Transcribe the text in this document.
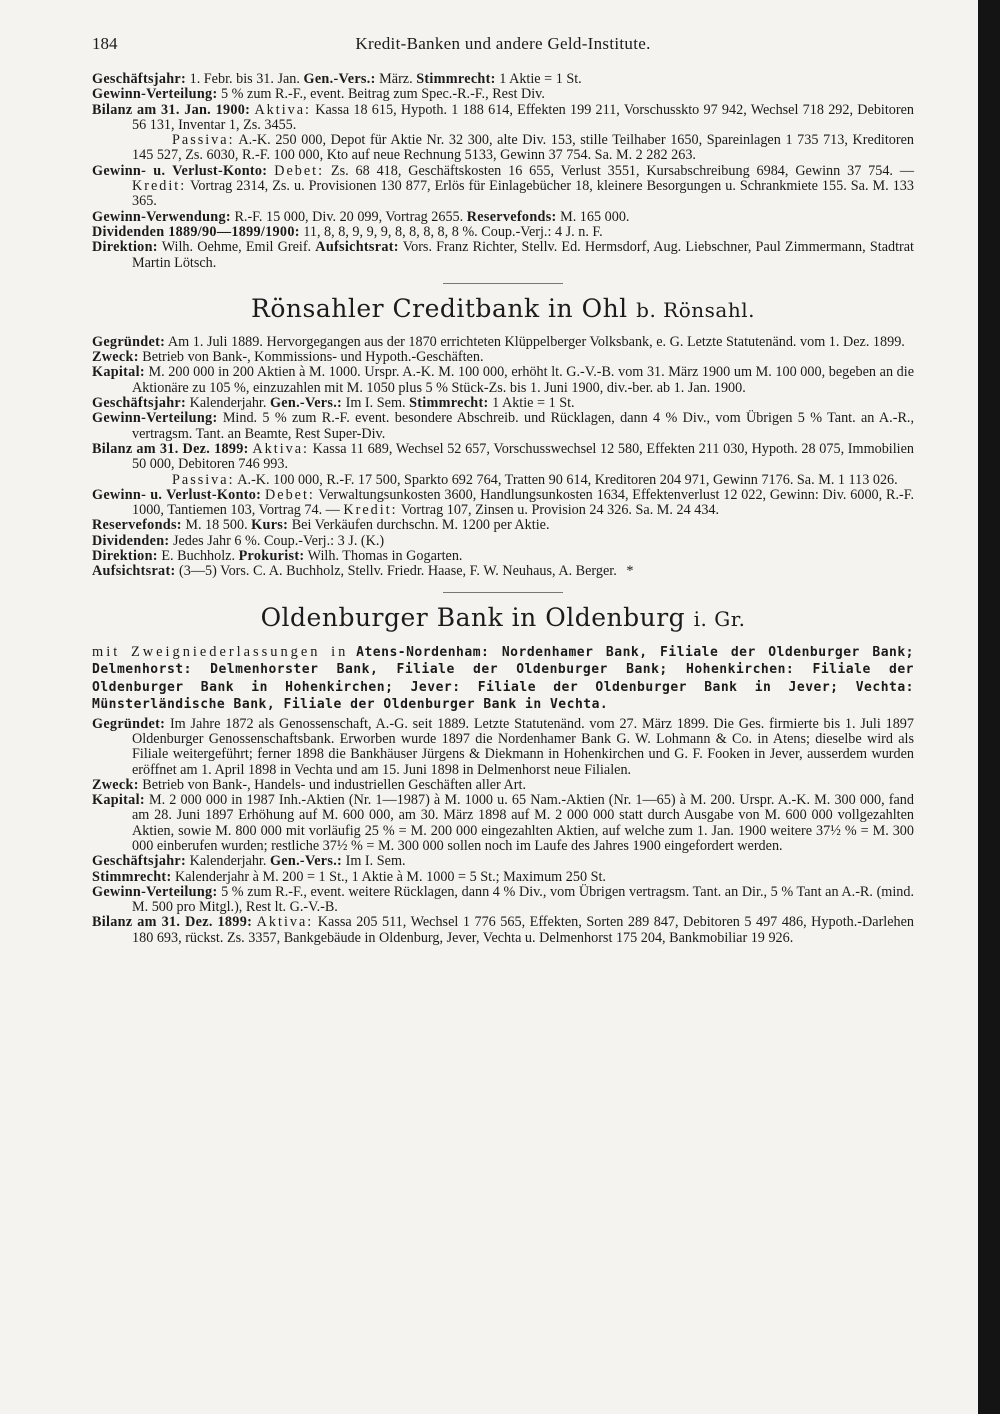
184	Kredit-Banken und andere Geld-Institute.

Geschäftsjahr: 1. Febr. bis 31. Jan. Gen.-Vers.: März. Stimmrecht: 1 Aktie = 1 St.

Gewinn-Verteilung: 5 % zum R.-F., event. Beitrag zum Spec.-R.-F., Rest Div.

Bilanz am 31. Jan. 1900: Aktiva: Kassa 18 615, Hypoth. 1 188 614, Effekten 199 211, Vorschusskto 97 942, Wechsel 718 292, Debitoren 56 131, Inventar 1, Zs. 3455.

Passiva: A.-K. 250 000, Depot für Aktie Nr. 32 300, alte Div. 153, stille Teilhaber 1650, Spareinlagen 1 735 713, Kreditoren 145 527, Zs. 6030, R.-F. 100 000, Kto auf neue Rechnung 5133, Gewinn 37 754. Sa. M. 2 282 263.

Gewinn- u. Verlust-Konto: Debet: Zs. 68 418, Geschäftskosten 16 655, Verlust 3551, Kursabschreibung 6984, Gewinn 37 754. — Kredit: Vortrag 2314, Zs. u. Provisionen 130 877, Erlös für Einlagebücher 18, kleinere Besorgungen u. Schrankmiete 155. Sa. M. 133 365.

Gewinn-Verwendung: R.-F. 15 000, Div. 20 099, Vortrag 2655. Reservefonds: M. 165 000.

Dividenden 1889/90—1899/1900: 11, 8, 8, 9, 9, 9, 8, 8, 8, 8, 8 %. Coup.-Verj.: 4 J. n. F.

Direktion: Wilh. Oehme, Emil Greif. Aufsichtsrat: Vors. Franz Richter, Stellv. Ed. Hermsdorf, Aug. Liebschner, Paul Zimmermann, Stadtrat Martin Lötsch.

Rönsahler Creditbank in Ohl b. Rönsahl.

Gegründet: Am 1. Juli 1889. Hervorgegangen aus der 1870 errichteten Klüppelberger Volksbank, e. G. Letzte Statutenänd. vom 1. Dez. 1899.

Zweck: Betrieb von Bank-, Kommissions- und Hypoth.-Geschäften.

Kapital: M. 200 000 in 200 Aktien à M. 1000. Urspr. A.-K. M. 100 000, erhöht lt. G.-V.-B. vom 31. März 1900 um M. 100 000, begeben an die Aktionäre zu 105 %, einzuzahlen mit M. 1050 plus 5 % Stück-Zs. bis 1. Juni 1900, div.-ber. ab 1. Jan. 1900.

Geschäftsjahr: Kalenderjahr. Gen.-Vers.: Im I. Sem. Stimmrecht: 1 Aktie = 1 St.

Gewinn-Verteilung: Mind. 5 % zum R.-F. event. besondere Abschreib. und Rücklagen, dann 4 % Div., vom Übrigen 5 % Tant. an A.-R., vertragsm. Tant. an Beamte, Rest Super-Div.

Bilanz am 31. Dez. 1899: Aktiva: Kassa 11 689, Wechsel 52 657, Vorschusswechsel 12 580, Effekten 211 030, Hypoth. 28 075, Immobilien 50 000, Debitoren 746 993.

Passiva: A.-K. 100 000, R.-F. 17 500, Sparkto 692 764, Tratten 90 614, Kreditoren 204 971, Gewinn 7176. Sa. M. 1 113 026.

Gewinn- u. Verlust-Konto: Debet: Verwaltungsunkosten 3600, Handlungsunkosten 1634, Effektenverlust 12 022, Gewinn: Div. 6000, R.-F. 1000, Tantiemen 103, Vortrag 74. — Kredit: Vortrag 107, Zinsen u. Provision 24 326. Sa. M. 24 434.

Reservefonds: M. 18 500. Kurs: Bei Verkäufen durchschn. M. 1200 per Aktie.

Dividenden: Jedes Jahr 6 %. Coup.-Verj.: 3 J. (K.)

Direktion: E. Buchholz. Prokurist: Wilh. Thomas in Gogarten.

Aufsichtsrat: (3—5) Vors. C. A. Buchholz, Stellv. Friedr. Haase, F. W. Neuhaus, A. Berger. *

Oldenburger Bank in Oldenburg i. Gr.

mit Zweigniederlassungen in Atens-Nordenham: Nordenhamer Bank, Filiale der Oldenburger Bank; Delmenhorst: Delmenhorster Bank, Filiale der Oldenburger Bank; Hohenkirchen: Filiale der Oldenburger Bank in Hohenkirchen; Jever: Filiale der Oldenburger Bank in Jever; Vechta: Münsterländische Bank, Filiale der Oldenburger Bank in Vechta.

Gegründet: Im Jahre 1872 als Genossenschaft, A.-G. seit 1889. Letzte Statutenänd. vom 27. März 1899. Die Ges. firmierte bis 1. Juli 1897 Oldenburger Genossenschaftsbank. Erworben wurde 1897 die Nordenhamer Bank G. W. Lohmann & Co. in Atens; dieselbe wird als Filiale weitergeführt; ferner 1898 die Bankhäuser Jürgens & Diekmann in Hohenkirchen und G. F. Fooken in Jever, ausserdem wurden eröffnet am 1. April 1898 in Vechta und am 15. Juni 1898 in Delmenhorst neue Filialen.

Zweck: Betrieb von Bank-, Handels- und industriellen Geschäften aller Art.

Kapital: M. 2 000 000 in 1987 Inh.-Aktien (Nr. 1—1987) à M. 1000 u. 65 Nam.-Aktien (Nr. 1—65) à M. 200. Urspr. A.-K. M. 300 000, fand am 28. Juni 1897 Erhöhung auf M. 600 000, am 30. März 1898 auf M. 2 000 000 statt durch Ausgabe von M. 600 000 vollgezahlten Aktien, sowie M. 800 000 mit vorläufig 25 % = M. 200 000 eingezahlten Aktien, auf welche zum 1. Jan. 1900 weitere 37½ % = M. 300 000 einberufen wurden; restliche 37½ % = M. 300 000 sollen noch im Laufe des Jahres 1900 eingefordert werden.

Geschäftsjahr: Kalenderjahr. Gen.-Vers.: Im I. Sem.

Stimmrecht: Kalenderjahr à M. 200 = 1 St., 1 Aktie à M. 1000 = 5 St.; Maximum 250 St.

Gewinn-Verteilung: 5 % zum R.-F., event. weitere Rücklagen, dann 4 % Div., vom Übrigen vertragsm. Tant. an Dir., 5 % Tant an A.-R. (mind. M. 500 pro Mitgl.), Rest lt. G.-V.-B.

Bilanz am 31. Dez. 1899: Aktiva: Kassa 205 511, Wechsel 1 776 565, Effekten, Sorten 289 847, Debitoren 5 497 486, Hypoth.-Darlehen 180 693, rückst. Zs. 3357, Bankgebäude in Oldenburg, Jever, Vechta u. Delmenhorst 175 204, Bankmobiliar 19 926.
